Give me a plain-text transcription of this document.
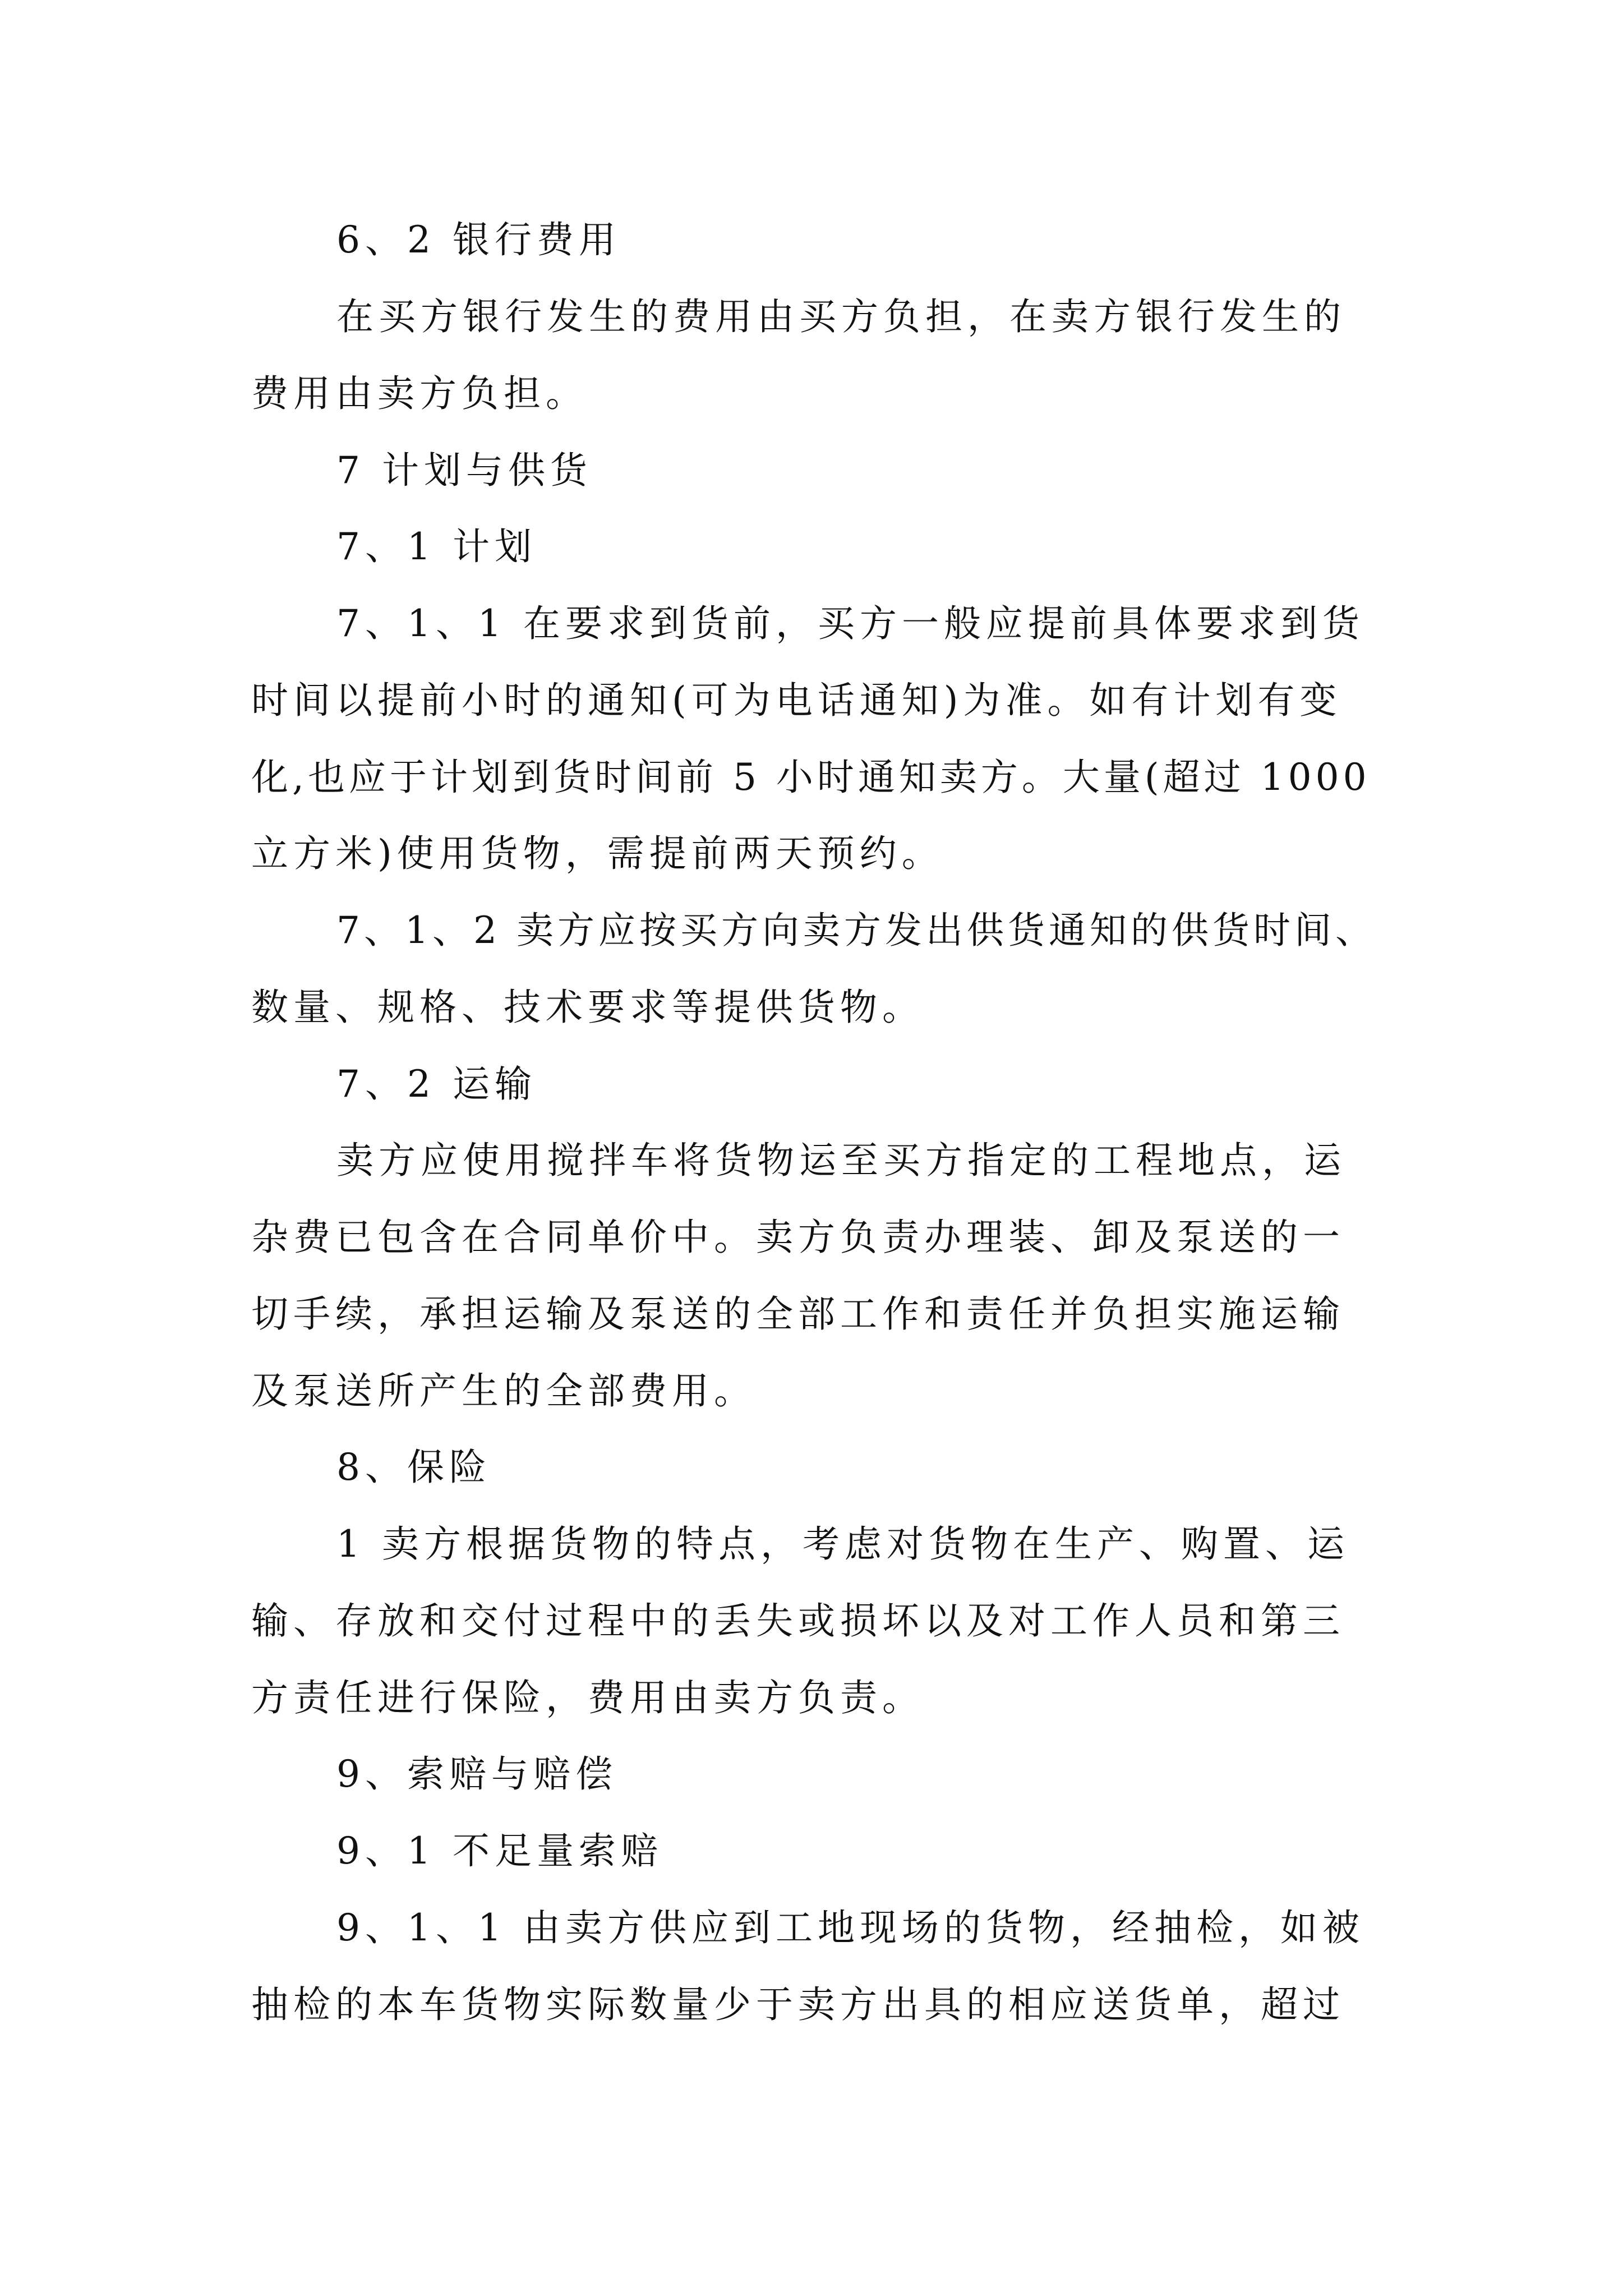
6、2 银行费用

在买方银行发生的费用由买方负担，在卖方银行发生的

费用由卖方负担。

7 计划与供货

7、1 计划

7、1、1 在要求到货前，买方一般应提前具体要求到货

时间以提前小时的通知(可为电话通知)为准。如有计划有变

化,也应于计划到货时间前 5 小时通知卖方。大量(超过 1000

立方米)使用货物，需提前两天预约。

7、1、2 卖方应按买方向卖方发出供货通知的供货时间、

数量、规格、技术要求等提供货物。

7、2 运输

卖方应使用搅拌车将货物运至买方指定的工程地点，运

杂费已包含在合同单价中。卖方负责办理装、卸及泵送的一

切手续，承担运输及泵送的全部工作和责任并负担实施运输

及泵送所产生的全部费用。

8、保险

1 卖方根据货物的特点，考虑对货物在生产、购置、运

输、存放和交付过程中的丢失或损坏以及对工作人员和第三

方责任进行保险，费用由卖方负责。

9、索赔与赔偿

9、1 不足量索赔

9、1、1 由卖方供应到工地现场的货物，经抽检，如被

抽检的本车货物实际数量少于卖方出具的相应送货单，超过
